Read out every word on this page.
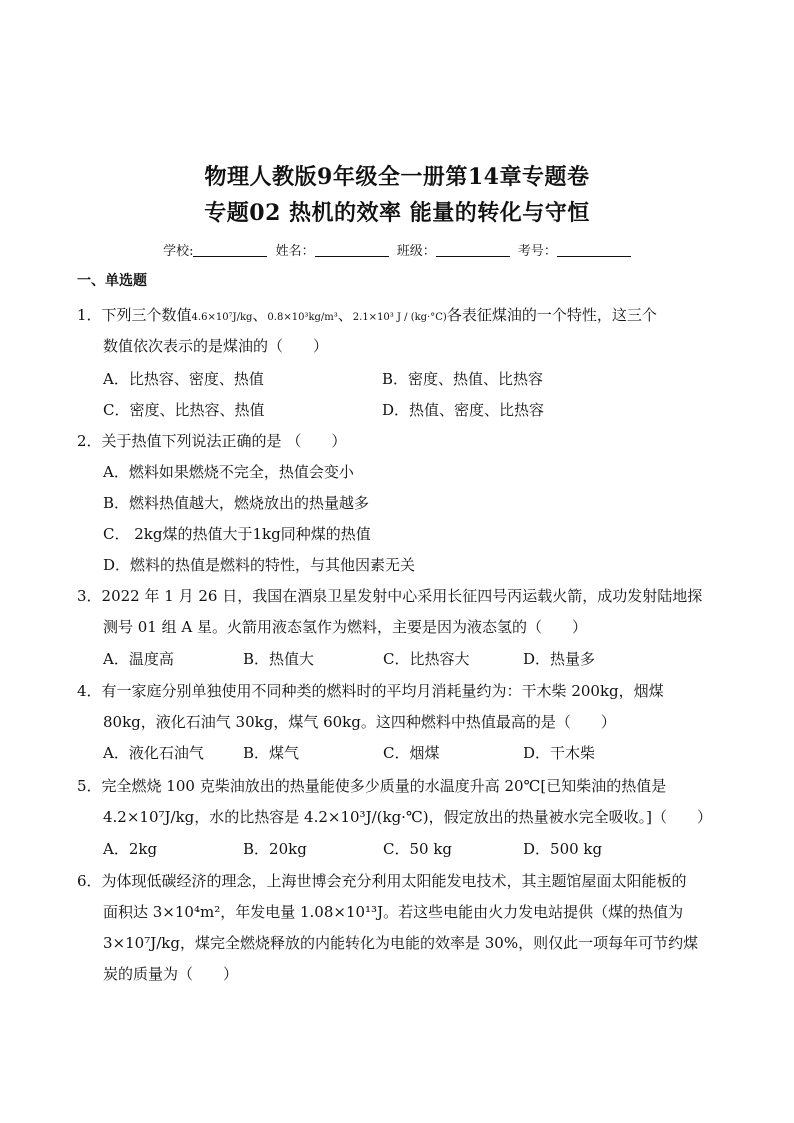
物理人教版9年级全一册第14章专题卷
专题02 热机的效率 能量的转化与守恒
学校:	姓名：	班级：	考号：
一、单选题
1．下列三个数值4.6×10⁷J/kg、0.8×10³kg/m³、2.1×10³ J / (kg·°C)各表征煤油的一个特性，这三个
数值依次表示的是煤油的（　　）
A．比热容、密度、热值	B．密度、热值、比热容
C．密度、比热容、热值	D．热值、密度、比热容
2．关于热值下列说法正确的是 （　　）
A．燃料如果燃烧不完全，热值会变小
B．燃料热值越大，燃烧放出的热量越多
C． 2kg煤的热值大于1kg同种煤的热值
D．燃料的热值是燃料的特性，与其他因素无关
3．2022 年 1 月 26 日，我国在酒泉卫星发射中心采用长征四号丙运载火箭，成功发射陆地探
测号 01 组 A 星。火箭用液态氢作为燃料，主要是因为液态氢的（　　）
A．温度高	B．热值大	C．比热容大	D．热量多
4．有一家庭分别单独使用不同种类的燃料时的平均月消耗量约为：干木柴 200kg，烟煤
80kg，液化石油气 30kg，煤气 60kg。这四种燃料中热值最高的是（　　）
A．液化石油气	B．煤气	C．烟煤	D．干木柴
5．完全燃烧 100 克柴油放出的热量能使多少质量的水温度升高 20℃[已知柴油的热值是
4.2×10⁷J/kg，水的比热容是 4.2×10³J/(kg·℃)，假定放出的热量被水完全吸收。]（　　）
A．2kg	B．20kg	C．50 kg	D．500 kg
6．为体现低碳经济的理念，上海世博会充分利用太阳能发电技术，其主题馆屋面太阳能板的
面积达 3×10⁴m²，年发电量 1.08×10¹³J。若这些电能由火力发电站提供（煤的热值为
3×10⁷J/kg，煤完全燃烧释放的内能转化为电能的效率是 30%，则仅此一项每年可节约煤
炭的质量为（　　）
